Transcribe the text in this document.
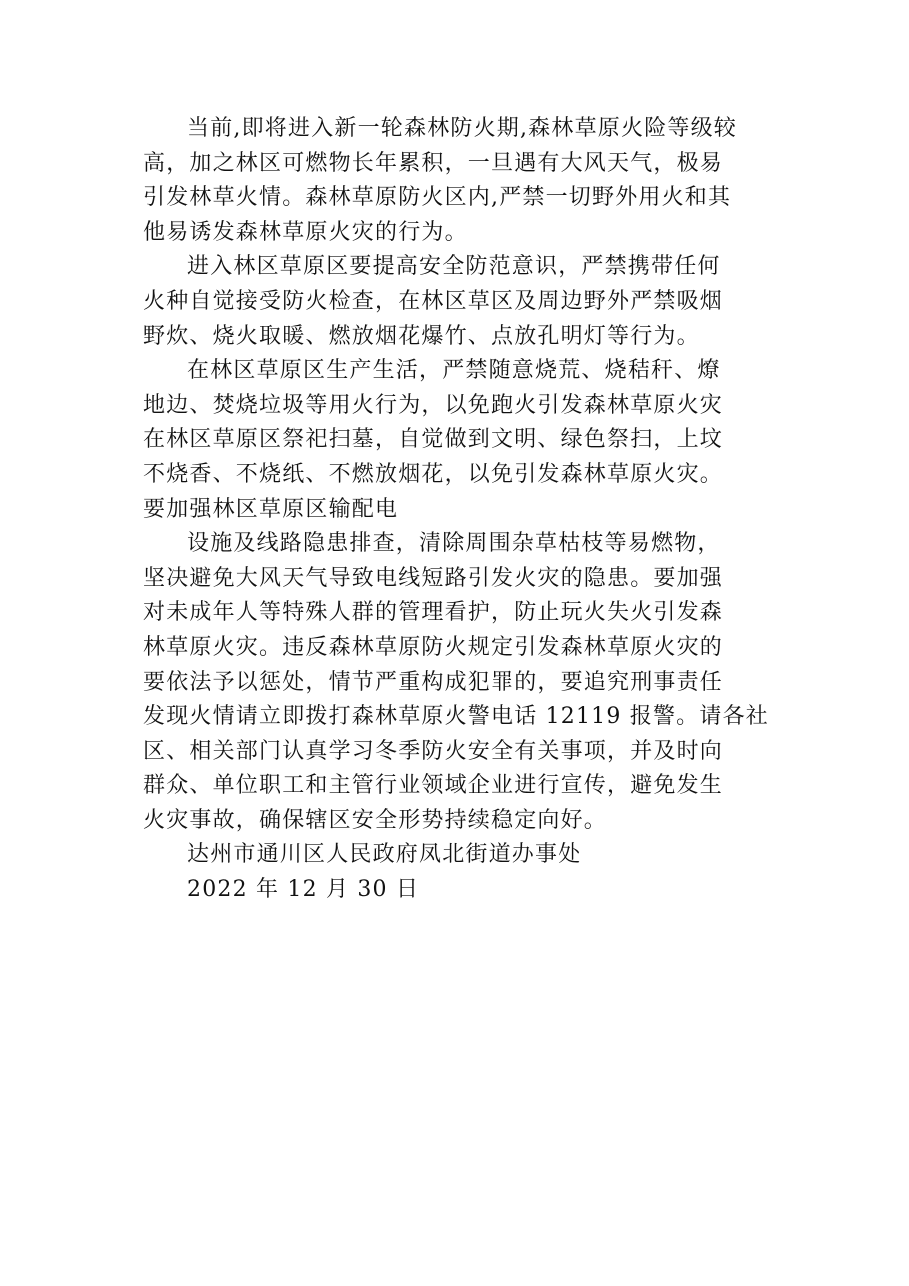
当前,即将进入新一轮森林防火期,森林草原火险等级较
高，加之林区可燃物长年累积，一旦遇有大风天气，极易
引发林草火情。森林草原防火区内,严禁一切野外用火和其
他易诱发森林草原火灾的行为。
进入林区草原区要提高安全防范意识，严禁携带任何
火种自觉接受防火检查，在林区草区及周边野外严禁吸烟
野炊、烧火取暖、燃放烟花爆竹、点放孔明灯等行为。
在林区草原区生产生活，严禁随意烧荒、烧秸秆、燎
地边、焚烧垃圾等用火行为，以免跑火引发森林草原火灾
在林区草原区祭祀扫墓，自觉做到文明、绿色祭扫，上坟
不烧香、不烧纸、不燃放烟花，以免引发森林草原火灾。
要加强林区草原区输配电
设施及线路隐患排查，清除周围杂草枯枝等易燃物，
坚决避免大风天气导致电线短路引发火灾的隐患。要加强
对未成年人等特殊人群的管理看护，防止玩火失火引发森
林草原火灾。违反森林草原防火规定引发森林草原火灾的
要依法予以惩处，情节严重构成犯罪的，要追究刑事责任
发现火情请立即拨打森林草原火警电话 12119 报警。请各社
区、相关部门认真学习冬季防火安全有关事项，并及时向
群众、单位职工和主管行业领域企业进行宣传，避免发生
火灾事故，确保辖区安全形势持续稳定向好。
达州市通川区人民政府凤北街道办事处
2022 年 12 月 30 日
